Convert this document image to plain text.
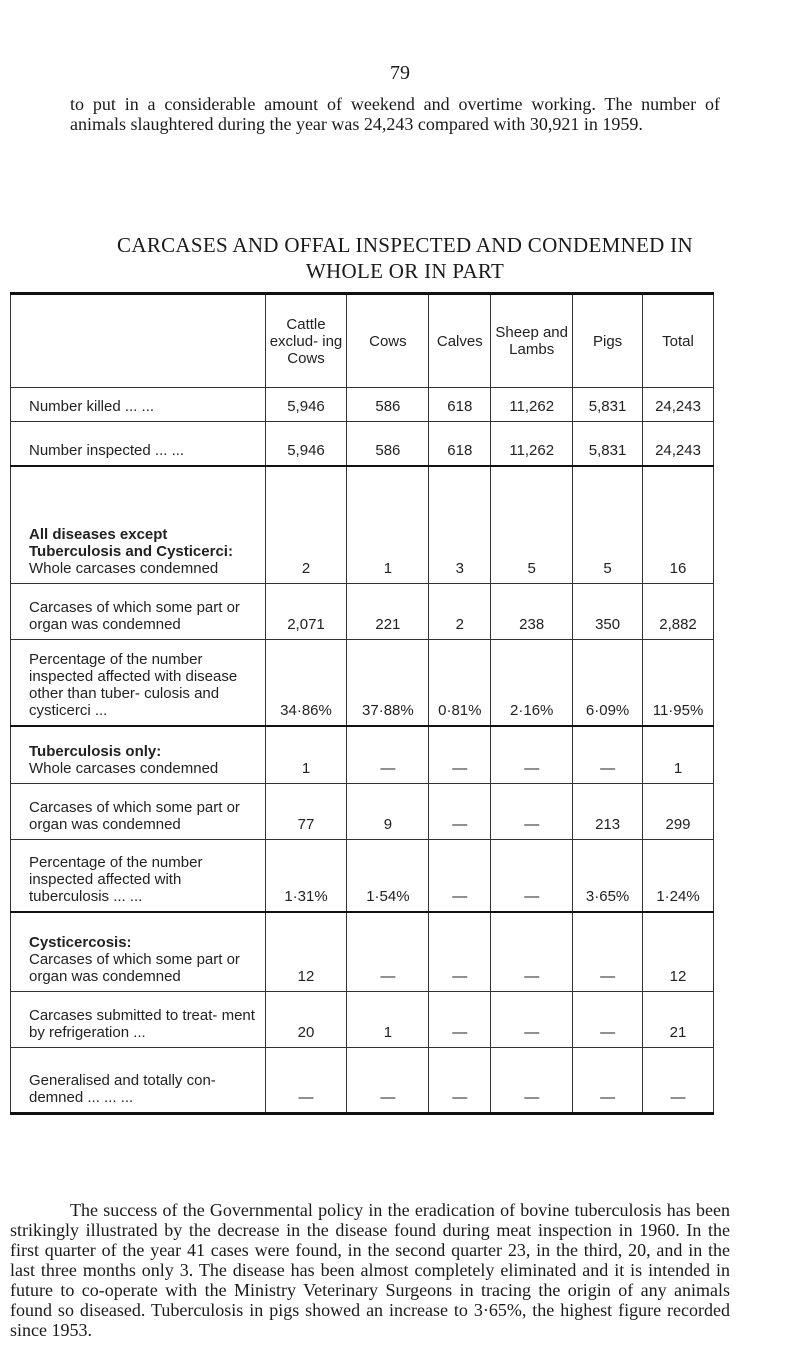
79

to put in a considerable amount of weekend and overtime working. The number of animals slaughtered during the year was 24,243 compared with 30,921 in 1959.

CARCASES AND OFFAL INSPECTED AND CONDEMNED IN
WHOLE OR IN PART
	Cattle exclud- ing Cows	Cows	Calves	Sheep and Lambs	Pigs	Total
Number killed ... ...	5,946	586	618	11,262	5,831	24,243
Number inspected ... ...	5,946	586	618	11,262	5,831	24,243

All diseases except Tuberculosis and Cysticerci:
Whole carcases condemned	2	1	3	5	5	16
Carcases of which some part or organ was condemned	2,071	221	2	238	350	2,882
Percentage of the number inspected affected with disease other than tuber- culosis and cysticerci ...	34·86%	37·88%	0·81%	2·16%	6·09%	11·95%

Tuberculosis only:
Whole carcases condemned	1	—	—	—	—	1
Carcases of which some part or organ was condemned	77	9	—	—	213	299
Percentage of the number inspected affected with tuberculosis ... ...	1·31%	1·54%	—	—	3·65%	1·24%

Cysticercosis:
Carcases of which some part or organ was condemned	12	—	—	—	—	12
Carcases submitted to treat- ment by refrigeration ...	20	1	—	—	—	21
Generalised and totally con- demned ... ... ...	—	—	—	—	—	—

The success of the Governmental policy in the eradication of bovine tuberculosis has been strikingly illustrated by the decrease in the disease found during meat inspection in 1960. In the first quarter of the year 41 cases were found, in the second quarter 23, in the third, 20, and in the last three months only 3. The disease has been almost completely eliminated and it is intended in future to co-operate with the Ministry Veterinary Surgeons in tracing the origin of any animals found so diseased. Tuberculosis in pigs showed an increase to 3·65%, the highest figure recorded since 1953.
